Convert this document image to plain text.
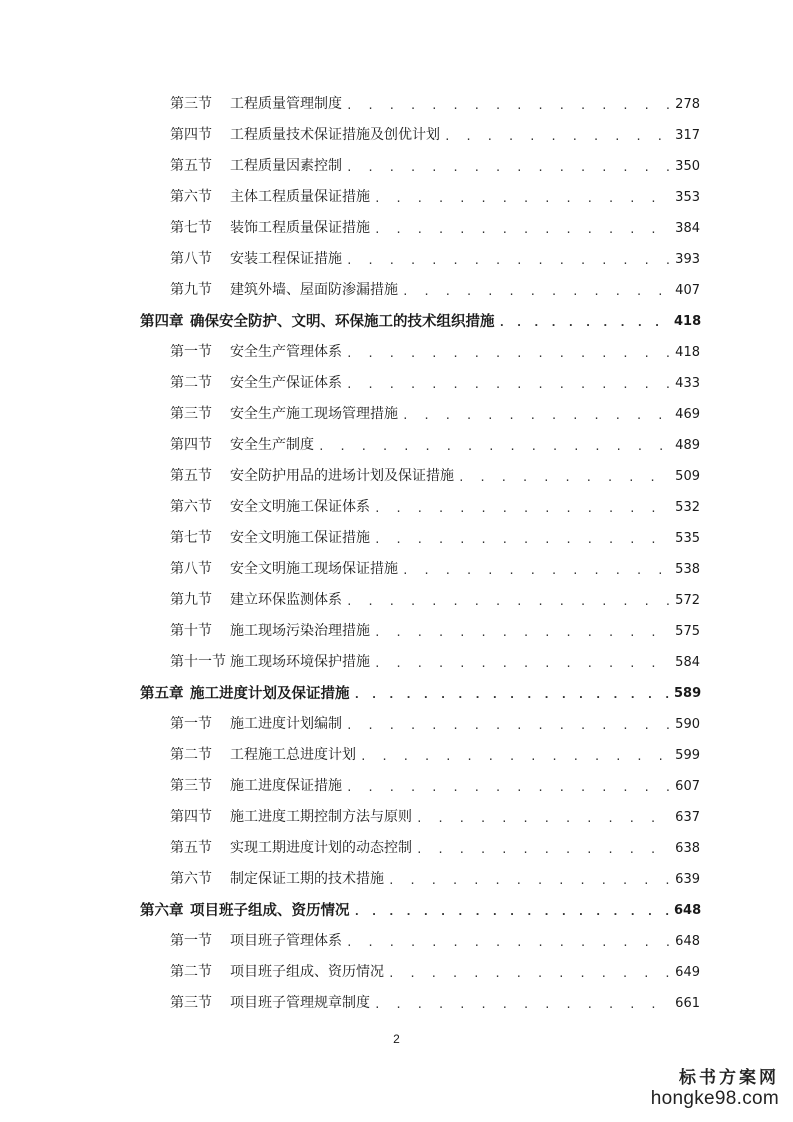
第三节	工程质量管理制度 . . .	278
第四节	工程质量技术保证措施及创优计划 . . .	317
第五节	工程质量因素控制 . . .	350
第六节	主体工程质量保证措施 . . .	353
第七节	装饰工程质量保证措施 . . .	384
第八节	安装工程保证措施 . . .	393
第九节	建筑外墙、屋面防渗漏措施 . . .	407
第四章 确保安全防护、文明、环保施工的技术组织措施 . . .	418
第一节	安全生产管理体系 . . .	418
第二节	安全生产保证体系 . . .	433
第三节	安全生产施工现场管理措施 . . .	469
第四节	安全生产制度 . . .	489
第五节	安全防护用品的进场计划及保证措施 . . .	509
第六节	安全文明施工保证体系 . . .	532
第七节	安全文明施工保证措施 . . .	535
第八节	安全文明施工现场保证措施 . . .	538
第九节	建立环保监测体系 . . .	572
第十节	施工现场污染治理措施 . . .	575
第十一节 施工现场环境保护措施 . . .	584
第五章 施工进度计划及保证措施 . . .	589
第一节	施工进度计划编制 . . .	590
第二节	工程施工总进度计划 . . .	599
第三节	施工进度保证措施 . . .	607
第四节	施工进度工期控制方法与原则 . . .	637
第五节	实现工期进度计划的动态控制 . . .	638
第六节	制定保证工期的技术措施 . . .	639
第六章 项目班子组成、资历情况 . . .	648
第一节	项目班子管理体系 . . .	648
第二节	项目班子组成、资历情况 . . .	649
第三节	项目班子管理规章制度 . . .	661
2
标书方案网
hongke98.com
